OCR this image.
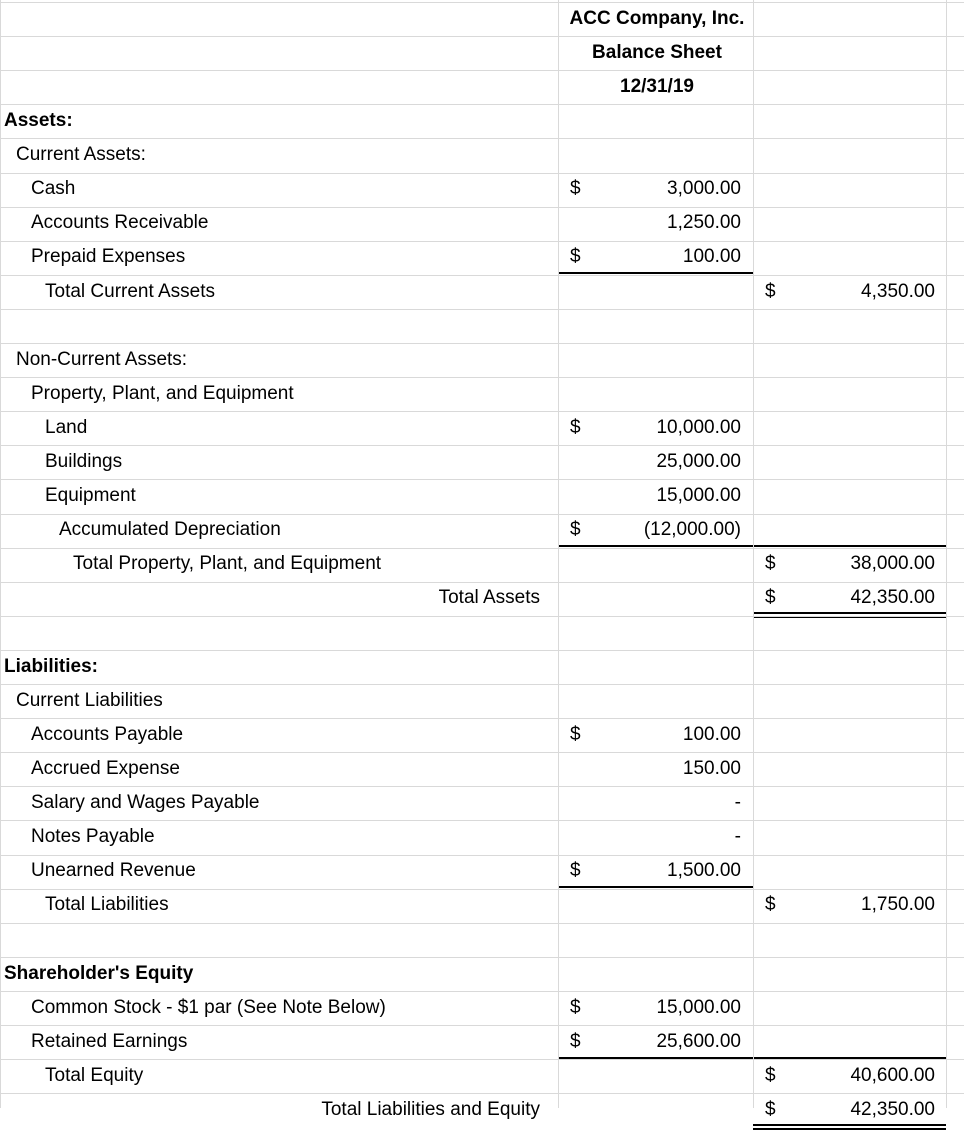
ACC Company, Inc.
Balance Sheet
12/31/19
Assets:
Current Assets:
Cash	$	3,000.00
Accounts Receivable	1,250.00
Prepaid Expenses	$	100.00
Total Current Assets	$	4,350.00
Non-Current Assets:
Property, Plant, and Equipment
Land	$	10,000.00
Buildings	25,000.00
Equipment	15,000.00
Accumulated Depreciation	$	(12,000.00)
Total Property, Plant, and Equipment	$	38,000.00
Total Assets	$	42,350.00
Liabilities:
Current Liabilities
Accounts Payable	$	100.00
Accrued Expense	150.00
Salary and Wages Payable	-
Notes Payable	-
Unearned Revenue	$	1,500.00
Total Liabilities	$	1,750.00
Shareholder's Equity
Common Stock - $1 par (See Note Below)	$	15,000.00
Retained Earnings	$	25,600.00
Total Equity	$	40,600.00
Total Liabilities and Equity	$	42,350.00
